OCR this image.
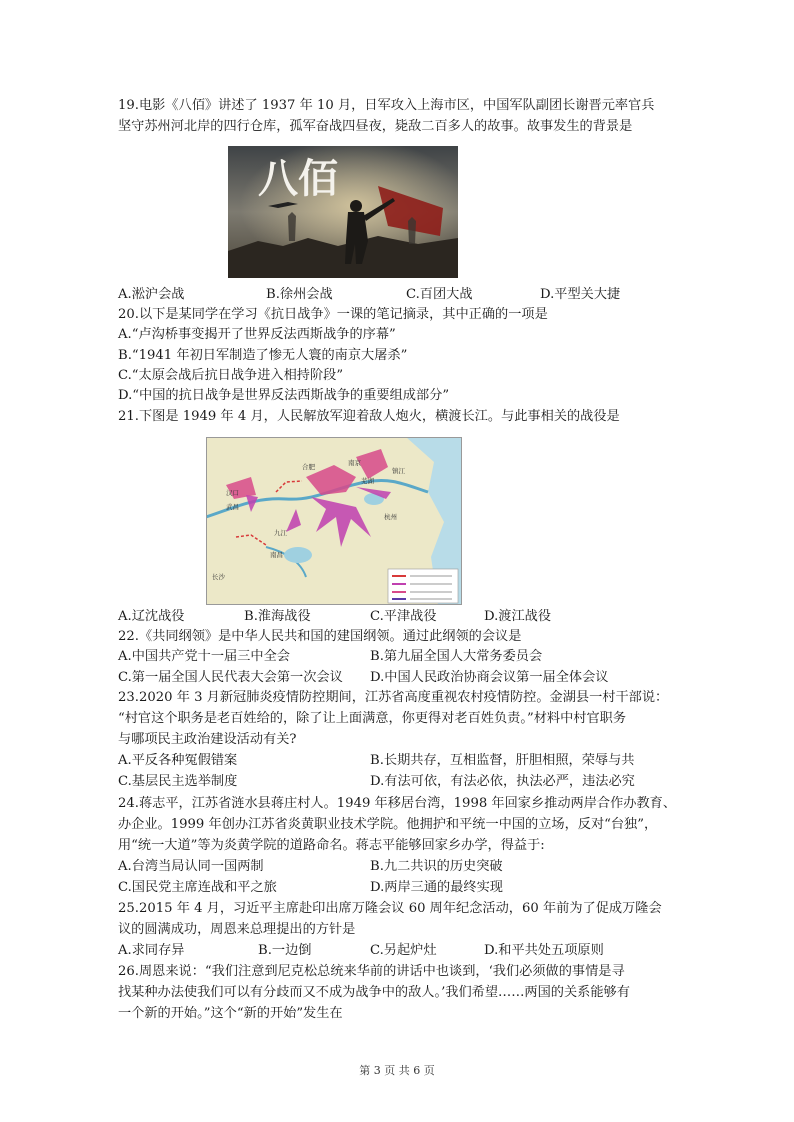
19.电影《八佰》讲述了 1937 年 10 月，日军攻入上海市区，中国军队副团长谢晋元率官兵
坚守苏州河北岸的四行仓库，孤军奋战四昼夜，毙敌二百多人的故事。故事发生的背景是
八佰
A.淞沪会战	B.徐州会战	C.百团大战	D.平型关大捷
20.以下是某同学在学习《抗日战争》一课的笔记摘录，其中正确的一项是
A.“卢沟桥事变揭开了世界反法西斯战争的序幕”
B.“1941 年初日军制造了惨无人寰的南京大屠杀”
C.“太原会战后抗日战争进入相持阶段”
D.“中国的抗日战争是世界反法西斯战争的重要组成部分”
21.下图是 1949 年 4 月，人民解放军迎着敌人炮火，横渡长江。与此事相关的战役是
合肥	南京
芜湖
镇江
汉口
武昌
九江
南昌
杭州
长沙
A.辽沈战役	B.淮海战役	C.平津战役	D.渡江战役
22.《共同纲领》是中华人民共和国的建国纲领。通过此纲领的会议是
A.中国共产党十一届三中全会	B.第九届全国人大常务委员会
C.第一届全国人民代表大会第一次会议 D.中国人民政治协商会议第一届全体会议
23.2020 年 3 月新冠肺炎疫情防控期间，江苏省高度重视农村疫情防控。金湖县一村干部说：
“村官这个职务是老百姓给的，除了让上面满意，你更得对老百姓负责。”材料中村官职务
与哪项民主政治建设活动有关?
A.平反各种冤假错案	B.长期共存，互相监督，肝胆相照，荣辱与共
C.基层民主选举制度	D.有法可依，有法必依，执法必严，违法必究
24.蒋志平，江苏省涟水县蒋庄村人。1949 年移居台湾，1998 年回家乡推动两岸合作办教育、
办企业。1999 年创办江苏省炎黄职业技术学院。他拥护和平统一中国的立场，反对“台独”，
用“统一大道”等为炎黄学院的道路命名。蒋志平能够回家乡办学，得益于:
A.台湾当局认同一国两制	B.九二共识的历史突破
C.国民党主席连战和平之旅	D.两岸三通的最终实现
25.2015 年 4 月，习近平主席赴印出席万隆会议 60 周年纪念活动，60 年前为了促成万隆会
议的圆满成功，周恩来总理提出的方针是
A.求同存异	B.一边倒	C.另起炉灶	D.和平共处五项原则
26.周恩来说：“我们注意到尼克松总统来华前的讲话中也谈到，‘我们必须做的事情是寻
找某种办法使我们可以有分歧而又不成为战争中的敌人。’我们希望……两国的关系能够有
一个新的开始。”这个“新的开始”发生在
第 3 页 共 6 页
